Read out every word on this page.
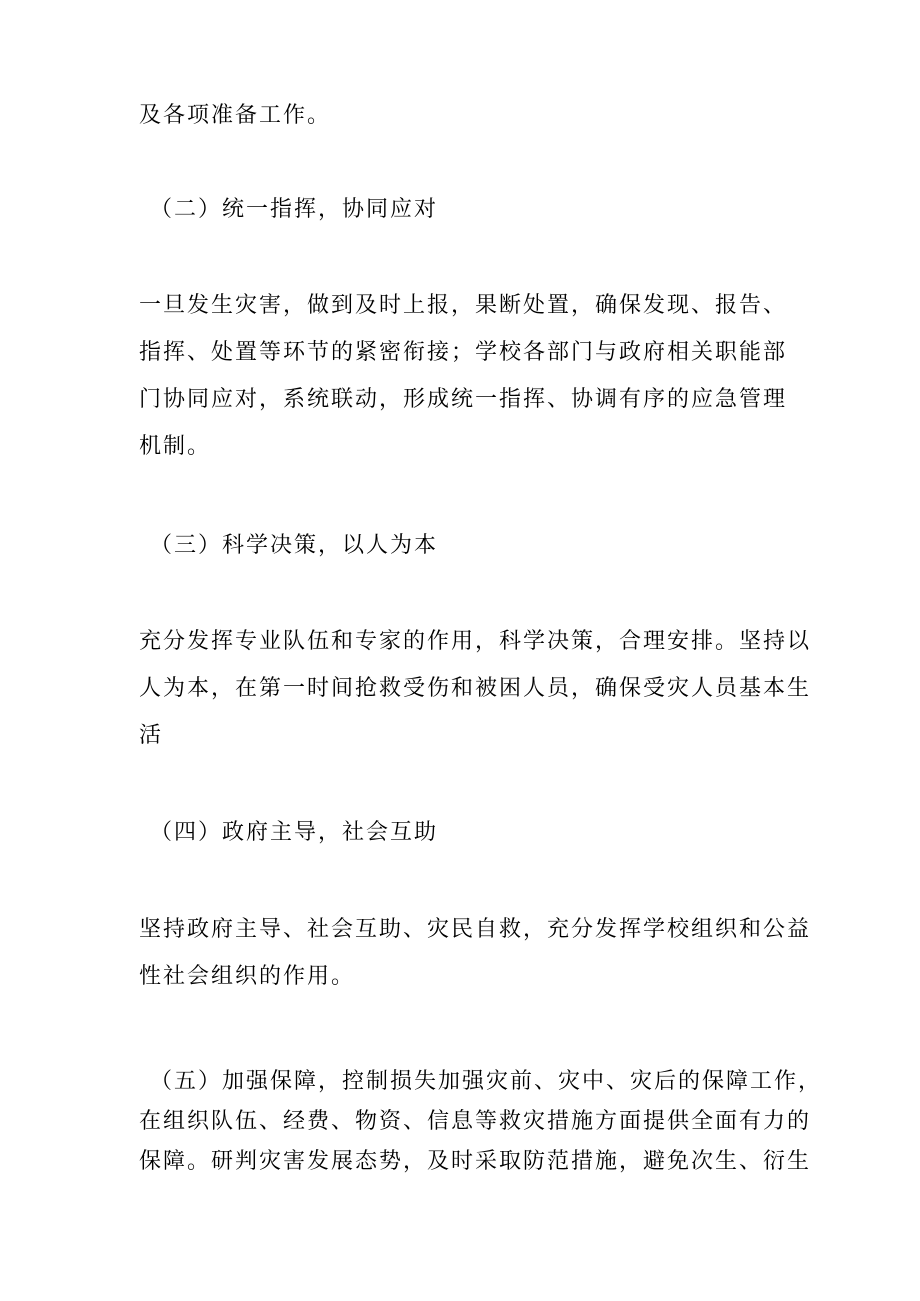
及各项准备工作。

（二）统一指挥，协同应对

一旦发生灾害，做到及时上报，果断处置，确保发现、报告、
指挥、处置等环节的紧密衔接；学校各部门与政府相关职能部
门协同应对，系统联动，形成统一指挥、协调有序的应急管理
机制。

（三）科学决策，以人为本

充分发挥专业队伍和专家的作用，科学决策，合理安排。坚持以
人为本，在第一时间抢救受伤和被困人员，确保受灾人员基本生
活

（四）政府主导，社会互助

坚持政府主导、社会互助、灾民自救，充分发挥学校组织和公益
性社会组织的作用。

（五）加强保障，控制损失加强灾前、灾中、灾后的保障工作，
在组织队伍、经费、物资、信息等救灾措施方面提供全面有力的
保障。研判灾害发展态势，及时采取防范措施，避免次生、衍生
